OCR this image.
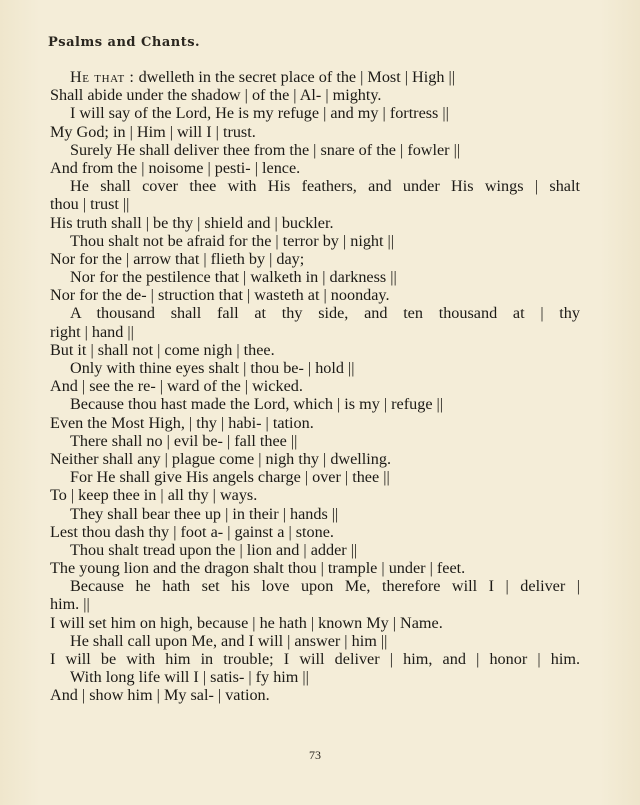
Psalms and Chants.
He that : dwelleth in the secret place of the | Most | High ||
Shall abide under the shadow | of the | Al- | mighty.
I will say of the Lord, He is my refuge | and my | fortress ||
My God; in | Him | will I | trust.
Surely He shall deliver thee from the | snare of the | fowler ||
And from the | noisome | pesti- | lence.
He shall cover thee with His feathers, and under His wings | shalt
thou | trust ||
His truth shall | be thy | shield and | buckler.
Thou shalt not be afraid for the | terror by | night ||
Nor for the | arrow that | flieth by | day;
Nor for the pestilence that | walketh in | darkness ||
Nor for the de- | struction that | wasteth at | noonday.
A thousand shall fall at thy side, and ten thousand at | thy
right | hand ||
But it | shall not | come nigh | thee.
Only with thine eyes shalt | thou be- | hold ||
And | see the re- | ward of the | wicked.
Because thou hast made the Lord, which | is my | refuge ||
Even the Most High, | thy | habi- | tation.
There shall no | evil be- | fall thee ||
Neither shall any | plague come | nigh thy | dwelling.
For He shall give His angels charge | over | thee ||
To | keep thee in | all thy | ways.
They shall bear thee up | in their | hands ||
Lest thou dash thy | foot a- | gainst a | stone.
Thou shalt tread upon the | lion and | adder ||
The young lion and the dragon shalt thou | trample | under | feet.
Because he hath set his love upon Me, therefore will I | deliver |
him. ||
I will set him on high, because | he hath | known My | Name.
He shall call upon Me, and I will | answer | him ||
I will be with him in trouble; I will deliver | him, and | honor | him.
With long life will I | satis- | fy him ||
And | show him | My sal- | vation.
73
